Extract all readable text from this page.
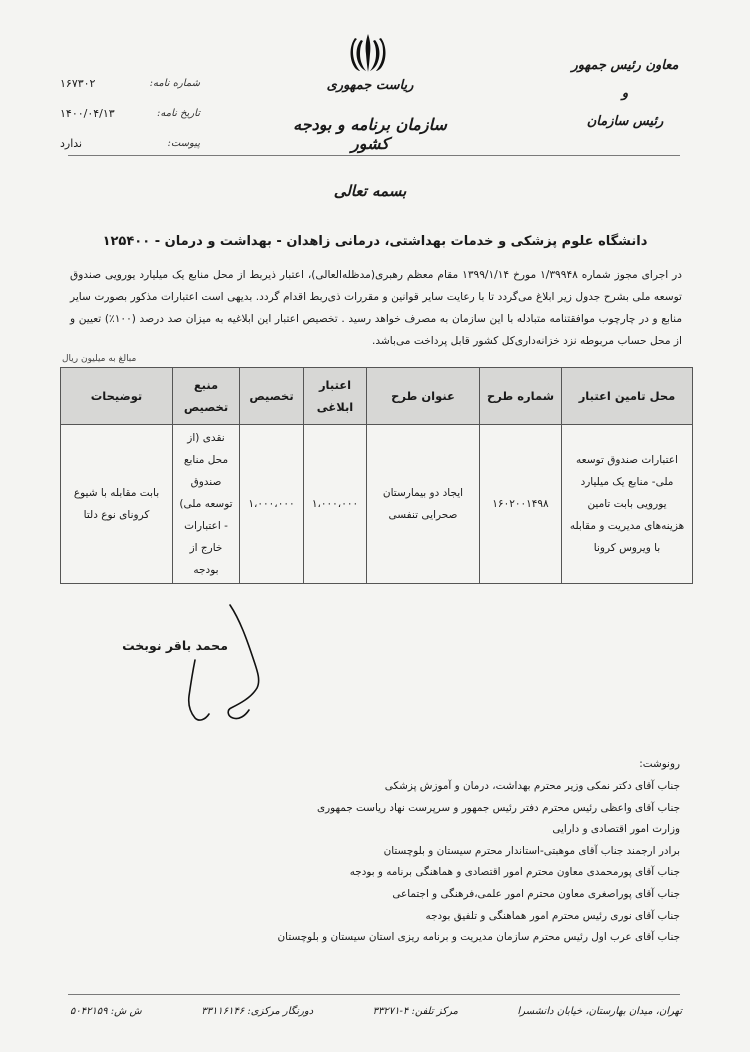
معاون رئیس جمهور
و
رئیس سازمان
ریاست جمهوری
سازمان برنامه و بودجه کشور
شماره نامه:
۱۶۷۳۰۲
تاریخ نامه:
۱۴۰۰/۰۴/۱۳
پیوست:
ندارد
بسمه تعالی
دانشگاه علوم پزشکی و خدمات بهداشتی، درمانی زاهدان - بهداشت و درمان - ۱۲۵۴۰۰
در اجرای مجوز شماره ۱/۳۹۹۴۸ مورخ ۱۳۹۹/۱/۱۴ مقام معظم رهبری(مدظله‌العالی)، اعتبار ذیربط از محل منابع یک میلیارد یورویی صندوق توسعه ملی بشرح جدول زیر ابلاغ می‌گردد تا با رعایت سایر قوانین و مقررات ذی‌ربط اقدام گردد. بدیهی است اعتبارات مذکور بصورت سایر منابع و در چارچوب موافقتنامه متبادله با این سازمان به مصرف خواهد رسید . تخصیص اعتبار این ابلاغیه به میزان صد درصد (۱۰۰٪) تعیین و از محل حساب مربوطه نزد خزانه‌داری‌کل کشور قابل پرداخت می‌باشد.
مبالغ به میلیون ریال
محل تامین اعتبار	شماره طرح	عنوان طرح	اعتبار ابلاغی	تخصیص	منبع تخصیص	توضیحات
اعتبارات صندوق توسعه ملی- منابع یک میلیارد یورویی بابت تامین هزینه‌های مدیریت و مقابله با ویروس کرونا	۱۶۰۲۰۰۱۴۹۸	ایجاد دو بیمارستان صحرایی تنفسی	۱،۰۰۰،۰۰۰	۱،۰۰۰،۰۰۰	نقدی (از محل منابع صندوق توسعه ملی) - اعتبارات خارج از بودجه	بابت مقابله با شیوع کرونای نوع دلتا
محمد باقر نوبخت
رونوشت:
جناب آقای دکتر نمکی وزیر محترم بهداشت، درمان و آموزش پزشکی
جناب آقای واعظی رئیس محترم دفتر رئیس جمهور و سرپرست نهاد ریاست جمهوری
وزارت امور اقتصادی و دارایی
برادر ارجمند جناب آقای موهبتی-استاندار محترم سیستان و بلوچستان
جناب آقای پورمحمدی معاون محترم امور اقتصادی و هماهنگی برنامه و بودجه
جناب آقای پوراصغری معاون محترم امور علمی،فرهنگی و اجتماعی
جناب آقای نوری رئیس محترم امور هماهنگی و تلفیق بودجه
جناب آقای عرب اول رئیس محترم سازمان مدیریت و برنامه ریزی استان سیستان و بلوچستان
تهران، میدان بهارستان، خیابان دانشسرا
مرکز تلفن: ۴-۳۳۲۷۱
دورنگار مرکزی: ۳۳۱۱۶۱۴۶
ش ش: ۵۰۴۲۱۵۹
